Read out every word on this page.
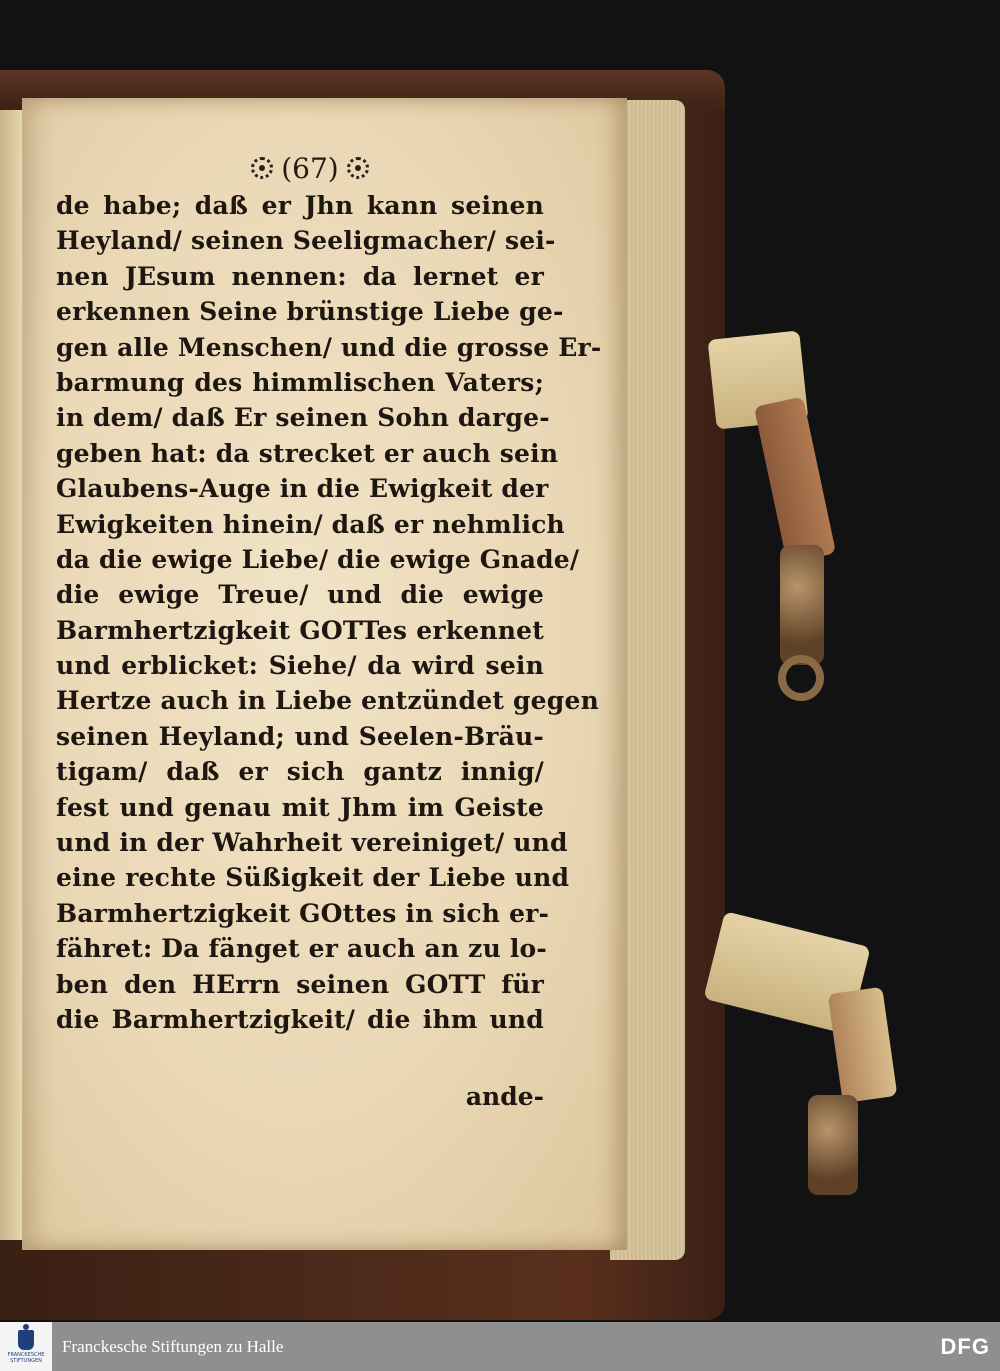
(67)
de habe; daß er Jhn kann seinen
Heyland/ seinen Seeligmacher/ sei-
nen JEsum nennen: da lernet er
erkennen Seine brünstige Liebe ge-
gen alle Menschen/ und die grosse Er-
barmung des himmlischen Vaters;
in dem/ daß Er seinen Sohn darge-
geben hat: da strecket er auch sein
Glaubens-Auge in die Ewigkeit der
Ewigkeiten hinein/ daß er nehmlich
da die ewige Liebe/ die ewige Gnade/
die ewige Treue/ und die ewige
Barmhertzigkeit GOTTes erkennet
und erblicket: Siehe/ da wird sein
Hertze auch in Liebe entzündet gegen
seinen Heyland; und Seelen-Bräu-
tigam/ daß er sich gantz innig/
fest und genau mit Jhm im Geiste
und in der Wahrheit vereiniget/ und
eine rechte Süßigkeit der Liebe und
Barmhertzigkeit GOttes in sich er-
fähret: Da fänget er auch an zu lo-
ben den HErrn seinen GOTT für
die Barmhertzigkeit/ die ihm und
ande-
FRANCKESCHE
STIFTUNGEN
Franckesche Stiftungen zu Halle	DFG
